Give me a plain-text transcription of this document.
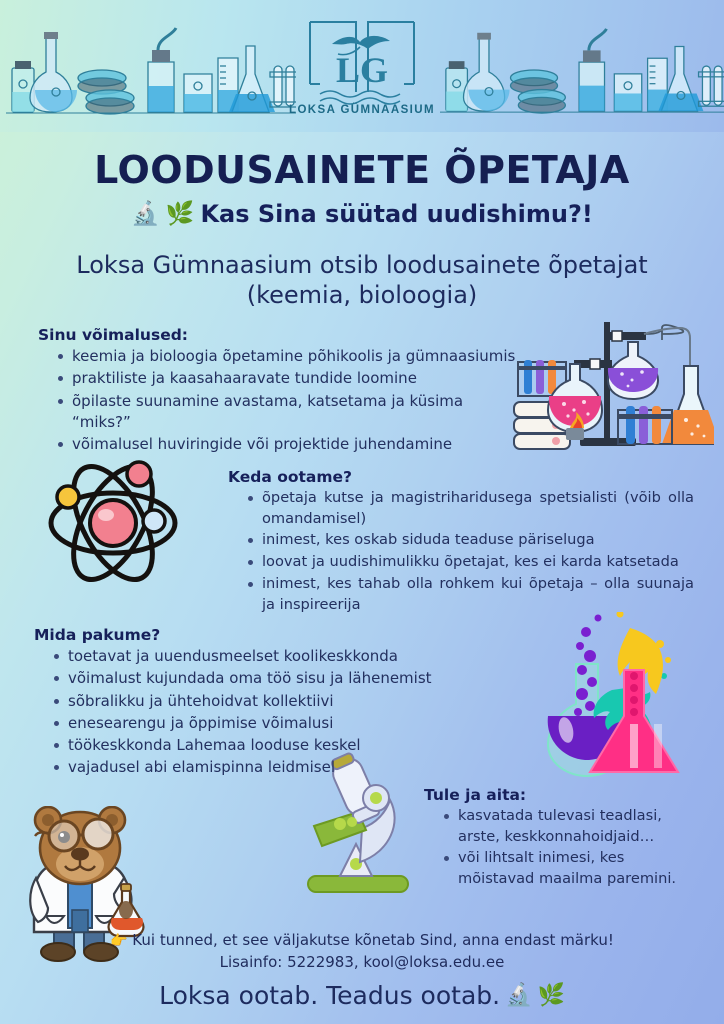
LG
LOKSA GÜMNAASIUM
LOODUSAINETE ÕPETAJA
🔬 🌿 Kas Sina süütad uudishimu?!
Loksa Gümnaasium otsib loodusainete õpetajat
(keemia, bioloogia)
Sinu võimalused:
keemia ja bioloogia õpetamine põhikoolis ja gümnaasiumis
praktiliste ja kaasahaaravate tundide loomine
õpilaste suunamine avastama, katsetama ja küsima “miks?”
võimalusel huviringide või projektide juhendamine
Keda ootame?
õpetaja kutse ja magistriharidusega spetsialisti (võib olla omandamisel)
inimest, kes oskab siduda teaduse päriseluga
loovat ja uudishimulikku õpetajat, kes ei karda katsetada
inimest, kes tahab olla rohkem kui õpetaja – olla suunaja ja inspireerija
Mida pakume?
toetavat ja uuendusmeelset koolikeskkonda
võimalust kujundada oma töö sisu ja lähenemist
sõbralikku ja ühtehoidvat kollektiivi
enesearengu ja õppimise võimalusi
töökeskkonda Lahemaa looduse keskel
vajadusel abi elamispinna leidmisel
Tule ja aita:
kasvatada tulevasi teadlasi, arste, keskkonnahoidjaid…
või lihtsalt inimesi, kes mõistavad maailma paremini.
👉 Kui tunned, et see väljakutse kõnetab Sind, anna endast märku!
Lisainfo: 5222983, kool@loksa.edu.ee
Loksa ootab. Teadus ootab. 🔬 🌿
